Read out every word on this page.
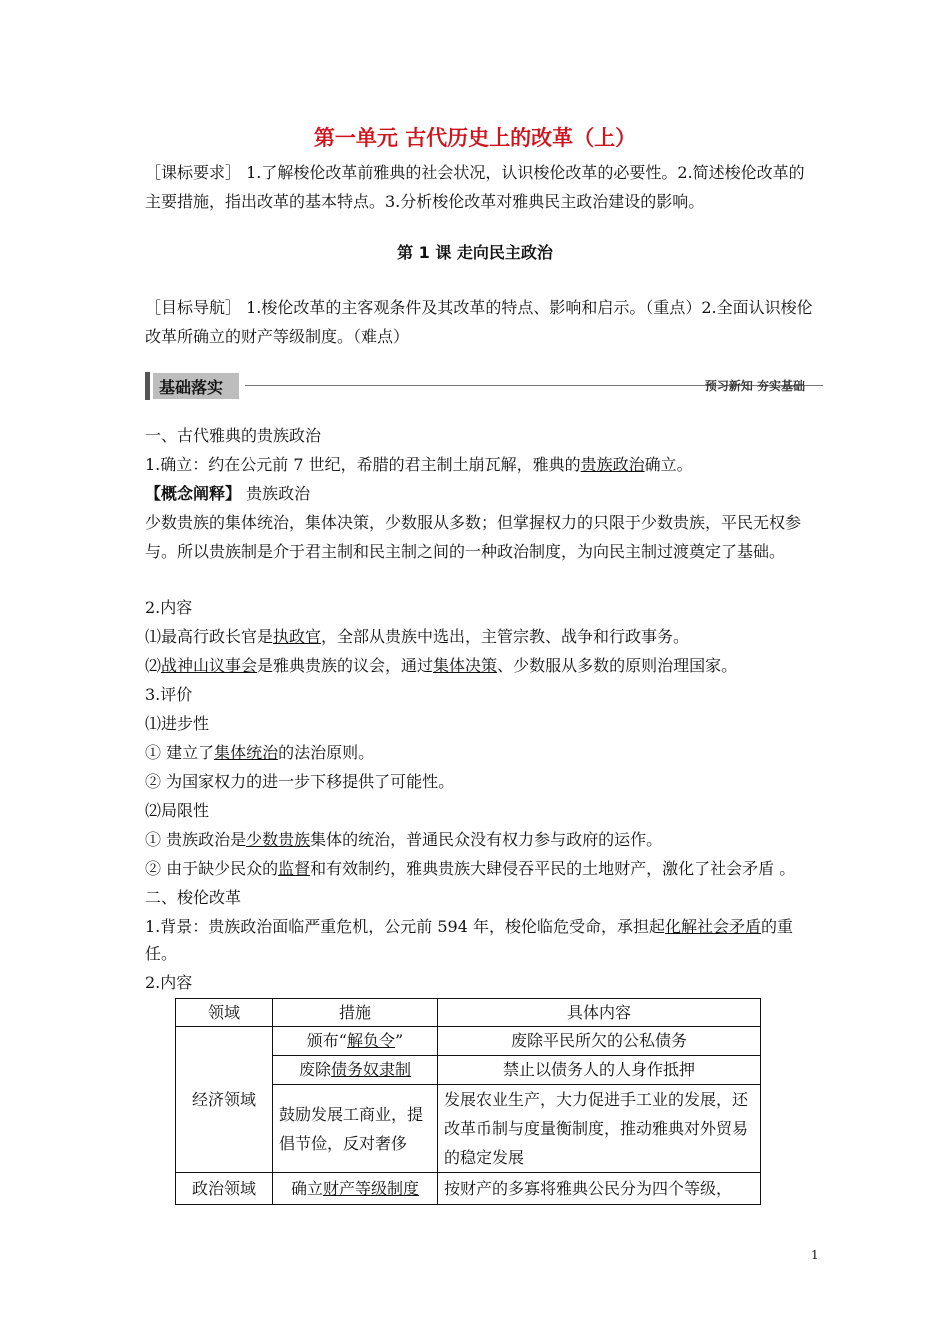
第一单元 古代历史上的改革（上）
［课标要求］ 1.了解梭伦改革前雅典的社会状况，认识梭伦改革的必要性。2.简述梭伦改革的主要措施，指出改革的基本特点。3.分析梭伦改革对雅典民主政治建设的影响。
第 1 课 走向民主政治
［目标导航］ 1.梭伦改革的主客观条件及其改革的特点、影响和启示。（重点）2.全面认识梭伦改革所确立的财产等级制度。（难点）
基础落实	预习新知 夯实基础
一、古代雅典的贵族政治
1.确立：约在公元前 7 世纪，希腊的君主制土崩瓦解，雅典的贵族政治确立。
【概念阐释】 贵族政治
少数贵族的集体统治，集体决策，少数服从多数；但掌握权力的只限于少数贵族，平民无权参与。所以贵族制是介于君主制和民主制之间的一种政治制度，为向民主制过渡奠定了基础。
2.内容
⑴最高行政长官是执政官，全部从贵族中选出，主管宗教、战争和行政事务。
⑵战神山议事会是雅典贵族的议会，通过集体决策、少数服从多数的原则治理国家。
3.评价
⑴进步性
① 建立了集体统治的法治原则。
② 为国家权力的进一步下移提供了可能性。
⑵局限性
① 贵族政治是少数贵族集体的统治，普通民众没有权力参与政府的运作。
② 由于缺少民众的监督和有效制约，雅典贵族大肆侵吞平民的土地财产，激化了社会矛盾 。
二、梭伦改革
1.背景：贵族政治面临严重危机，公元前 594 年，梭伦临危受命，承担起化解社会矛盾的重
任。
2.内容
领域	措施	具体内容
经济领域	颁布“解负令”	废除平民所欠的公私债务
	废除债务奴隶制	禁止以债务人的人身作抵押
	鼓励发展工商业，提倡节俭，反对奢侈	发展农业生产，大力促进手工业的发展，还改革币制与度量衡制度，推动雅典对外贸易的稳定发展
政治领域	确立财产等级制度	按财产的多寡将雅典公民分为四个等级，
1
